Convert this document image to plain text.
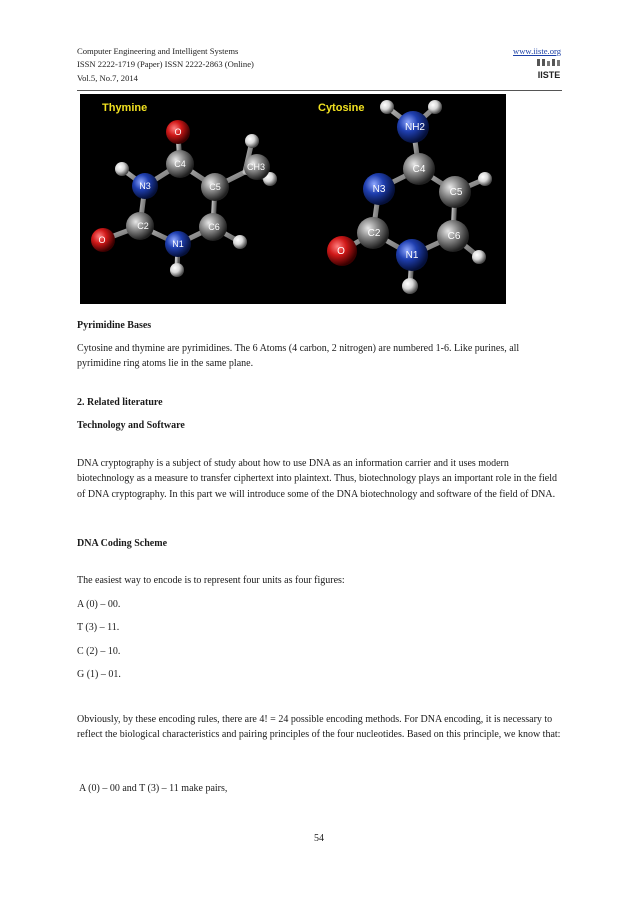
Computer Engineering and Intelligent Systems
ISSN 2222-1719 (Paper) ISSN 2222-2863 (Online)
Vol.5, No.7, 2014
www.iiste.org
IISTE
Thymine	Cytosine
O
C4	CH3
N3	C5
C2	C6
O	N1
NH2
C4
N3	C5
C2	C6
O	N1
Pyrimidine Bases
Cytosine and thymine are pyrimidines. The 6 Atoms (4 carbon, 2 nitrogen) are numbered 1-6. Like purines, all pyrimidine ring atoms lie in the same plane.
2. Related literature
Technology and Software
DNA cryptography is a subject of study about how to use DNA as an information carrier and it uses modern biotechnology as a measure to transfer ciphertext into plaintext. Thus, biotechnology plays an important role in the field of DNA cryptography. In this part we will introduce some of the DNA biotechnology and software of the field of DNA.
DNA Coding Scheme
The easiest way to encode is to represent four units as four figures:
A (0) – 00.
T (3) – 11.
C (2) – 10.
G (1) – 01.
Obviously, by these encoding rules, there are 4! = 24 possible encoding methods. For DNA encoding, it is necessary to reflect the biological characteristics and pairing principles of the four nucleotides. Based on this principle, we know that:
A (0) – 00 and T (3) – 11 make pairs,
54
